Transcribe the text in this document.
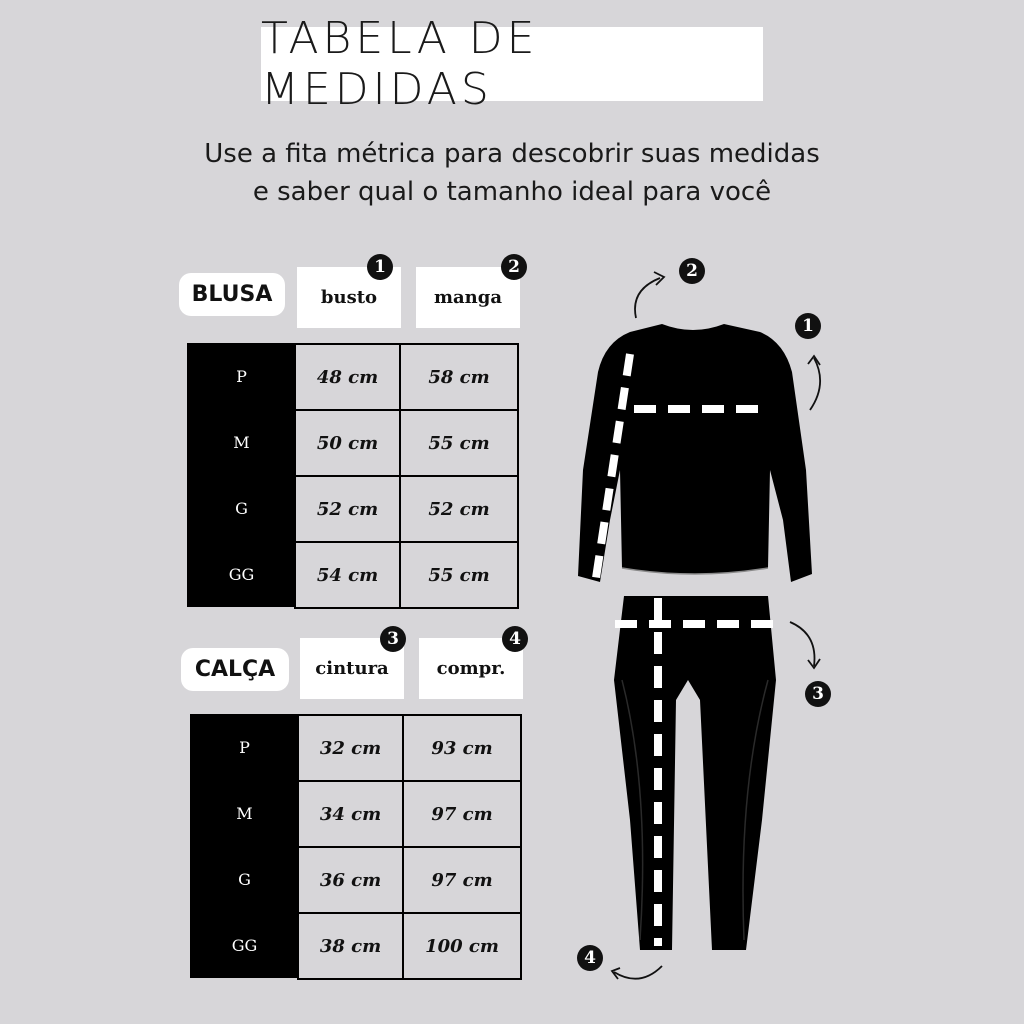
TABELA DE MEDIDAS
Use a fita métrica para descobrir suas medidas
e saber qual o tamanho ideal para você
BLUSA	busto	manga
1	2
P	48 cm	58 cm
M	50 cm	55 cm
G	52 cm	52 cm
GG	54 cm	55 cm
CALÇA	cintura	compr.
3	4
P	32 cm	93 cm
M	34 cm	97 cm
G	36 cm	97 cm
GG	38 cm	100 cm
2
1
3
4
